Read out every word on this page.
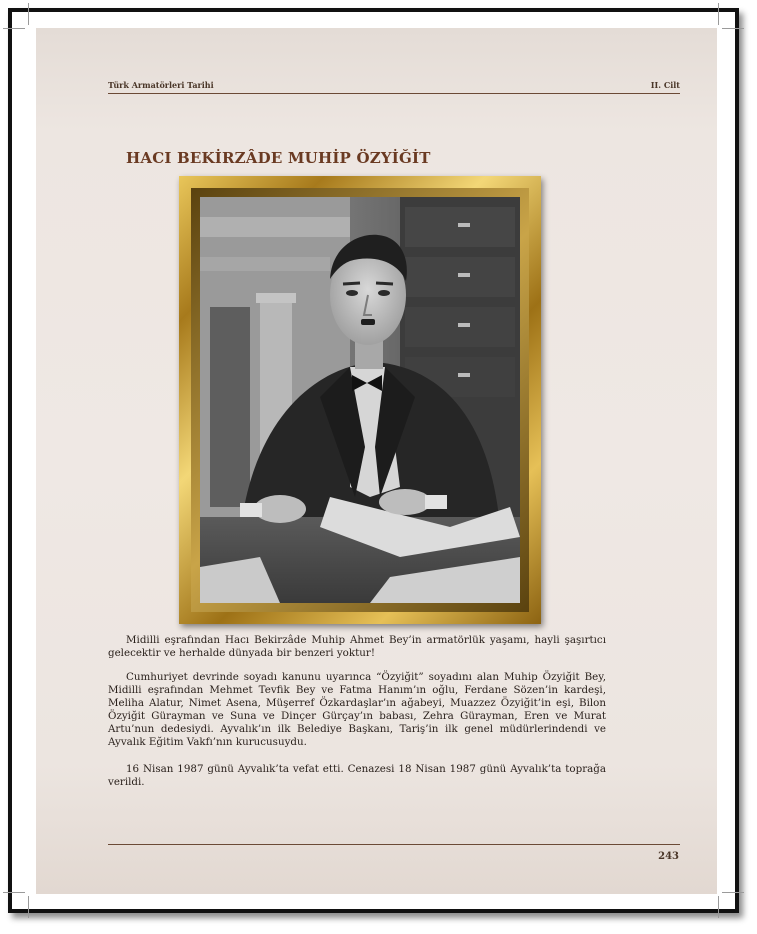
Türk Armatörleri Tarihi	II. Cilt
HACI BEKİRZÂDE MUHİP ÖZYİĞİT

Midilli eşrafından Hacı Bekirzâde Muhip Ahmet Bey’in armatörlük yaşamı, hayli şaşırtıcı gelecektir ve herhalde dünyada bir benzeri yoktur!

Cumhuriyet devrinde soyadı kanunu uyarınca “Özyiğit” soyadını alan Muhip Özyiğit Bey, Midilli eşrafından Mehmet Tevfik Bey ve Fatma Hanım’ın oğlu, Ferdane Sözen’in kardeşi, Meliha Alatur, Nimet Asena, Müşerref Özkardaşlar’ın ağabeyi, Muazzez Özyiğit’in eşi, Bilon Özyiğit Gürayman ve Suna ve Dinçer Gürçay’ın babası, Zehra Gürayman, Eren ve Murat Artu’nun dedesiydi. Ayvalık’ın ilk Belediye Başkanı, Tariş’in ilk genel müdürlerindendi ve Ayvalık Eğitim Vakfı’nın kurucusuydu.

16 Nisan 1987 günü Ayvalık’ta vefat etti. Cenazesi 18 Nisan 1987 günü Ayvalık’ta toprağa verildi.

243
